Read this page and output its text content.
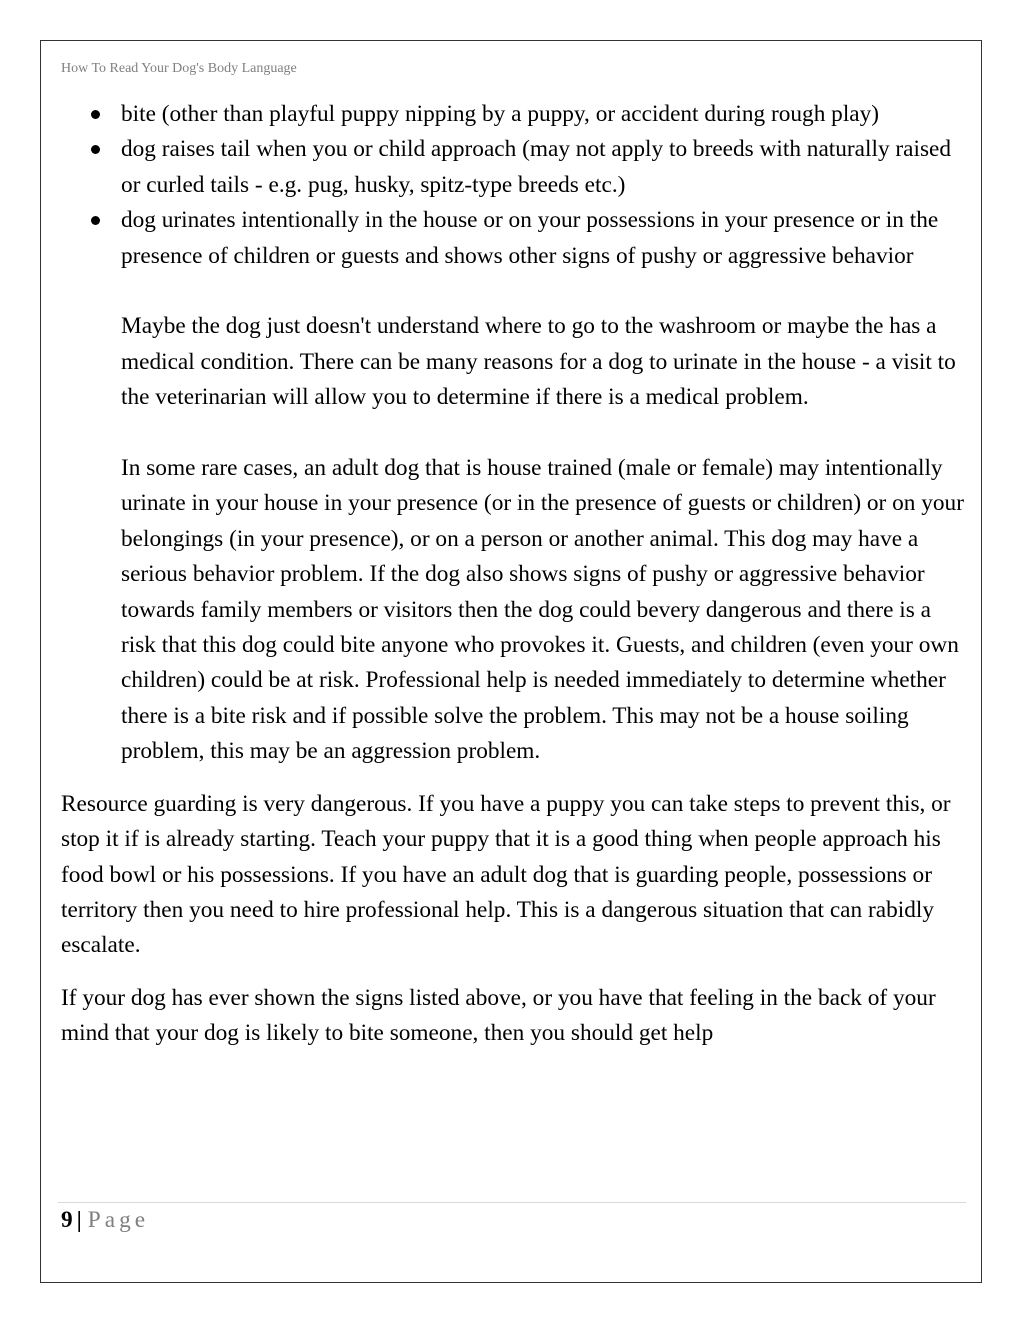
How To Read Your Dog's Body Language
bite (other than playful puppy nipping by a puppy, or accident during rough play)
dog raises tail when you or child approach (may not apply to breeds with naturally raised or curled tails - e.g. pug, husky, spitz-type breeds etc.)
dog urinates intentionally in the house or on your possessions in your presence or in the presence of children or guests and shows other signs of pushy or aggressive behavior

Maybe the dog just doesn't understand where to go to the washroom or maybe the has a medical condition. There can be many reasons for a dog to urinate in the house - a visit to the veterinarian will allow you to determine if there is a medical problem.

In some rare cases, an adult dog that is house trained (male or female) may intentionally urinate in your house in your presence (or in the presence of guests or children) or on your belongings (in your presence), or on a person or another animal. This dog may have a serious behavior problem. If the dog also shows signs of pushy or aggressive behavior towards family members or visitors then the dog could bevery dangerous and there is a risk that this dog could bite anyone who provokes it. Guests, and children (even your own children) could be at risk. Professional help is needed immediately to determine whether there is a bite risk and if possible solve the problem. This may not be a house soiling problem, this may be an aggression problem.

Resource guarding is very dangerous. If you have a puppy you can take steps to prevent this, or stop it if is already starting. Teach your puppy that it is a good thing when people approach his food bowl or his possessions. If you have an adult dog that is guarding people, possessions or territory then you need to hire professional help. This is a dangerous situation that can rabidly escalate.

If your dog has ever shown the signs listed above, or you have that feeling in the back of your mind that your dog is likely to bite someone, then you should get help

9 | Page
